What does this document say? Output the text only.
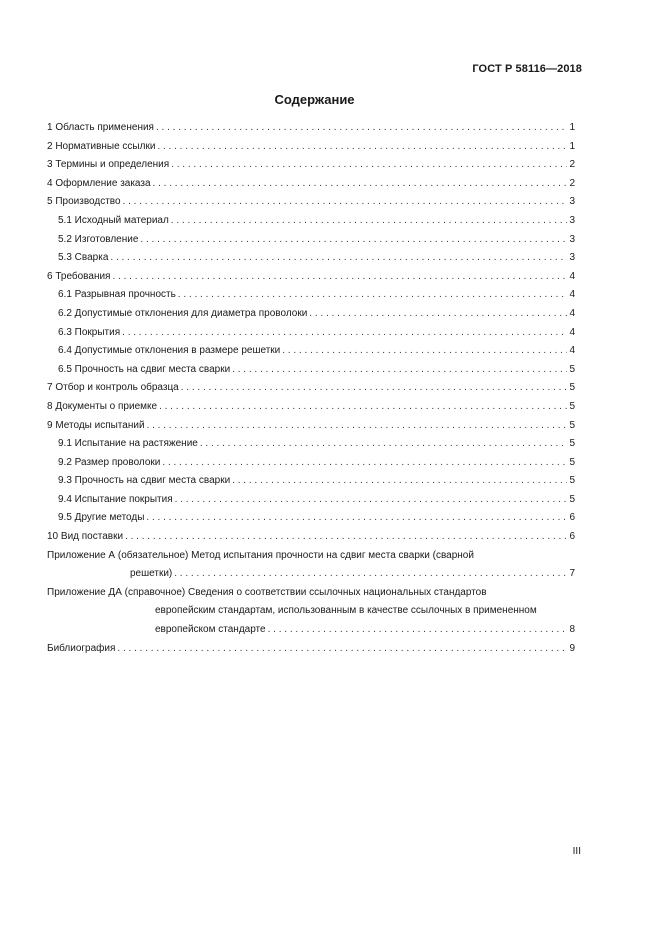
ГОСТ Р 58116—2018
Содержание
1 Область применения . . .	1
2 Нормативные ссылки . . .	1
3 Термины и определения . . .	2
4 Оформление заказа . . .	2
5 Производство . . .	3
5.1 Исходный материал . . .	3
5.2 Изготовление . . .	3
5.3 Сварка . . .	3
6 Требования . . .	4
6.1 Разрывная прочность . . .	4
6.2 Допустимые отклонения для диаметра проволоки . . .	4
6.3 Покрытия . . .	4
6.4 Допустимые отклонения в размере решетки . . .	4
6.5 Прочность на сдвиг места сварки . . .	5
7 Отбор и контроль образца . . .	5
8 Документы о приемке . . .	5
9 Методы испытаний . . .	5
9.1 Испытание на растяжение . . .	5
9.2 Размер проволоки . . .	5
9.3 Прочность на сдвиг места сварки . . .	5
9.4 Испытание покрытия . . .	5
9.5 Другие методы . . .	6
10 Вид поставки . . .	6
Приложение А (обязательное) Метод испытания прочности на сдвиг места сварки (сварной
решетки) . . .	7
Приложение ДА (справочное) Сведения о соответствии ссылочных национальных стандартов
европейским стандартам, использованным в качестве ссылочных в примененном
европейском стандарте . . .	8
Библиография . . .	9
III
